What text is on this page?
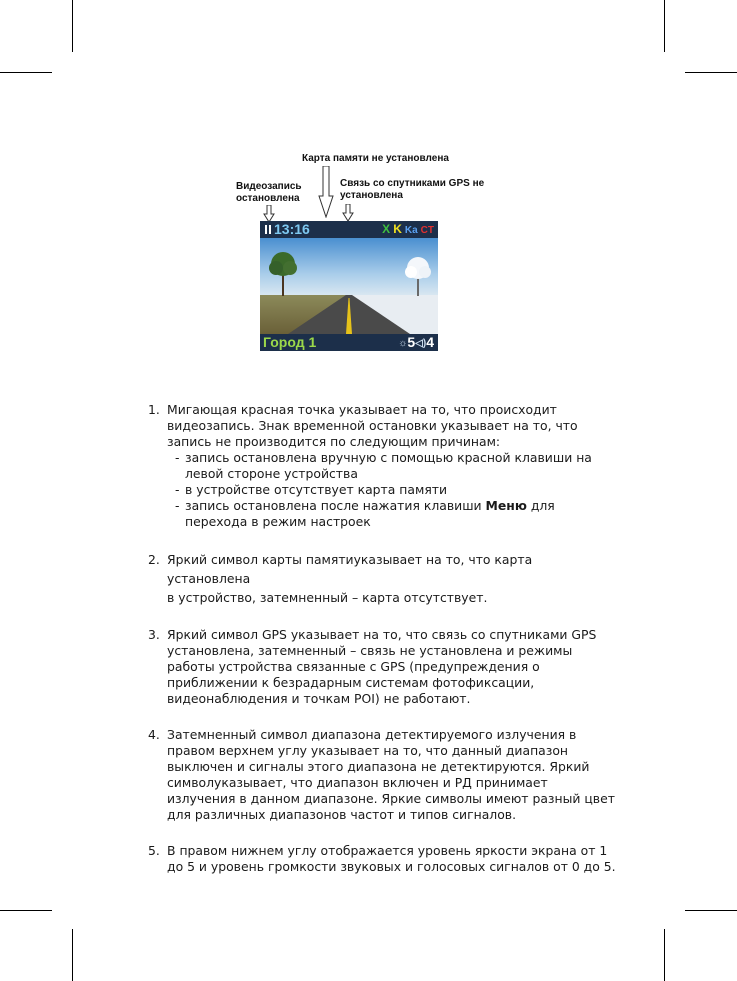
Карта памяти не установлена
Видеозапись
остановлена
Связь со спутниками GPS не
установлена
13:16	X K Ka CT
Город 1	☼5◁)4
1. Мигающая красная точка указывает на то, что происходит
видеозапись. Знак временной остановки указывает на то, что
запись не производится по следующим причинам:
- запись остановлена вручную с помощью красной клавиши на
левой стороне устройства
- в устройстве отсутствует карта памяти
- запись остановлена после нажатия клавиши Меню для
перехода в режим настроек
2. Яркий символ карты памятиуказывает на то, что карта установлена
в устройство, затемненный – карта отсутствует.
3. Яркий символ GPS указывает на то, что связь со спутниками GPS
установлена, затемненный – связь не установлена и режимы
работы устройства связанные с GPS (предупреждения о
приближении к безрадарным системам фотофиксации,
видеонаблюдения и точкам POI) не работают.
4. Затемненный символ диапазона детектируемого излучения в
правом верхнем углу указывает на то, что данный диапазон
выключен и сигналы этого диапазона не детектируются. Яркий
символуказывает, что диапазон включен и РД принимает
излучения в данном диапазоне. Яркие символы имеют разный цвет
для различных диапазонов частот и типов сигналов.
5. В правом нижнем углу отображается уровень яркости экрана от 1
до 5 и уровень громкости звуковых и голосовых сигналов от 0 до 5.
